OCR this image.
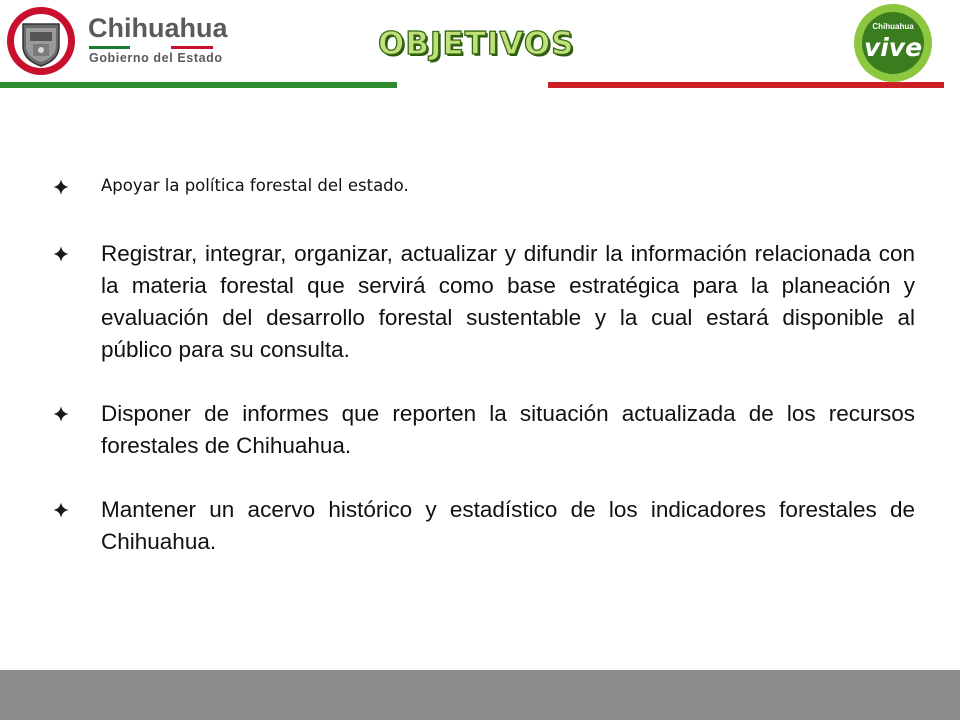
Chihuahua
Gobierno del Estado	OBJETIVOS	Chihuahua
vive
Apoyar la política forestal del estado.

Registrar, integrar, organizar, actualizar y difundir la información relacionada con la materia forestal que servirá como base estratégica para la planeación y evaluación del desarrollo forestal sustentable y la cual estará disponible al público para su consulta.

Disponer de informes que reporten la situación actualizada de los recursos forestales de Chihuahua.

Mantener un acervo histórico y estadístico de los indicadores forestales de Chihuahua.
